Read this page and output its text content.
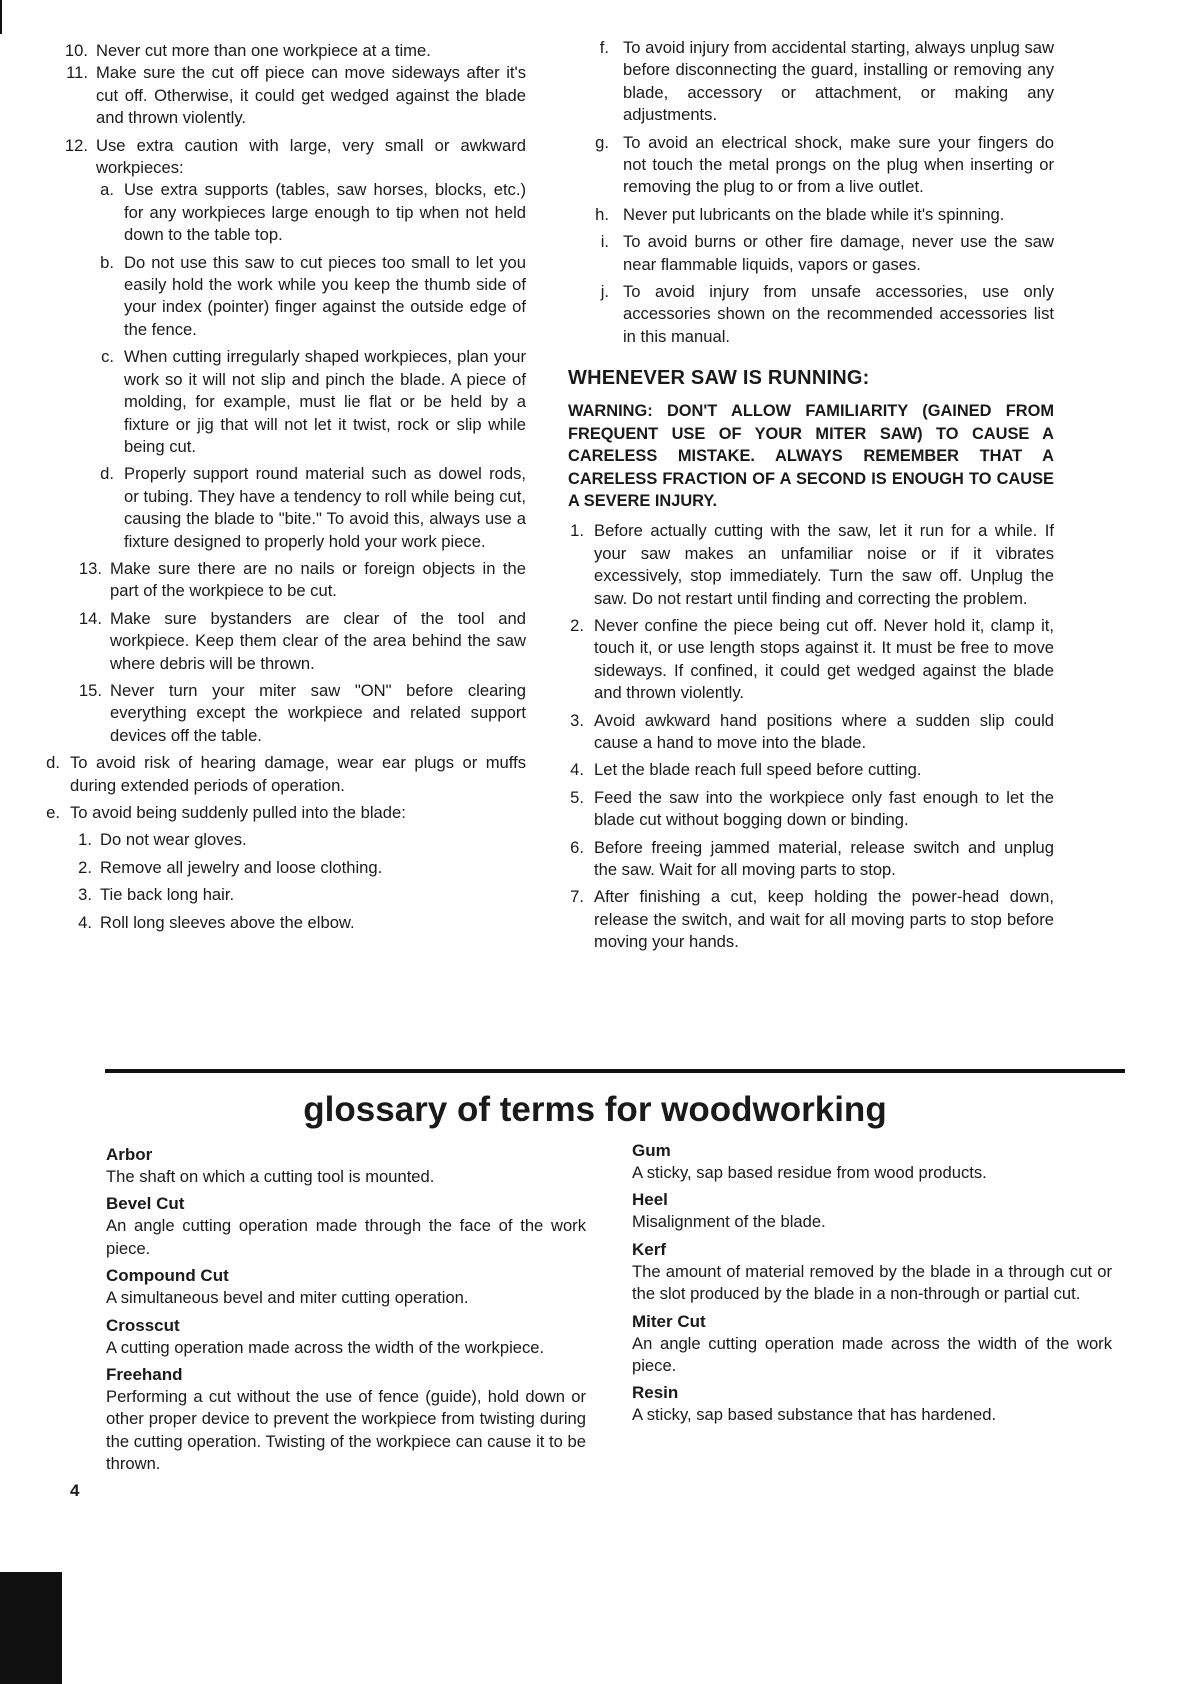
10. Never cut more than one workpiece at a time.
11. Make sure the cut off piece can move sideways after it's cut off. Otherwise, it could get wedged against the blade and thrown violently.
12. Use extra caution with large, very small or awkward workpieces:
a. Use extra supports (tables, saw horses, blocks, etc.) for any workpieces large enough to tip when not held down to the table top.
b. Do not use this saw to cut pieces too small to let you easily hold the work while you keep the thumb side of your index (pointer) finger against the outside edge of the fence.
c. When cutting irregularly shaped workpieces, plan your work so it will not slip and pinch the blade. A piece of molding, for example, must lie flat or be held by a fixture or jig that will not let it twist, rock or slip while being cut.
d. Properly support round material such as dowel rods, or tubing. They have a tendency to roll while being cut, causing the blade to "bite." To avoid this, always use a fixture designed to properly hold your work piece.
13. Make sure there are no nails or foreign objects in the part of the workpiece to be cut.
14. Make sure bystanders are clear of the tool and workpiece. Keep them clear of the area behind the saw where debris will be thrown.
15. Never turn your miter saw "ON" before clearing everything except the workpiece and related support devices off the table.
d. To avoid risk of hearing damage, wear ear plugs or muffs during extended periods of operation.
e. To avoid being suddenly pulled into the blade:
1. Do not wear gloves.
2. Remove all jewelry and loose clothing.
3. Tie back long hair.
4. Roll long sleeves above the elbow.
f. To avoid injury from accidental starting, always unplug saw before disconnecting the guard, installing or removing any blade, accessory or attachment, or making any adjustments.
g. To avoid an electrical shock, make sure your fingers do not touch the metal prongs on the plug when inserting or removing the plug to or from a live outlet.
h. Never put lubricants on the blade while it's spinning.
i. To avoid burns or other fire damage, never use the saw near flammable liquids, vapors or gases.
j. To avoid injury from unsafe accessories, use only accessories shown on the recommended accessories list in this manual.
WHENEVER SAW IS RUNNING:
WARNING: DON'T ALLOW FAMILIARITY (GAINED FROM FREQUENT USE OF YOUR MITER SAW) TO CAUSE A CARELESS MISTAKE. ALWAYS REMEMBER THAT A CARELESS FRACTION OF A SECOND IS ENOUGH TO CAUSE A SEVERE INJURY.
1. Before actually cutting with the saw, let it run for a while. If your saw makes an unfamiliar noise or if it vibrates excessively, stop immediately. Turn the saw off. Unplug the saw. Do not restart until finding and correcting the problem.
2. Never confine the piece being cut off. Never hold it, clamp it, touch it, or use length stops against it. It must be free to move sideways. If confined, it could get wedged against the blade and thrown violently.
3. Avoid awkward hand positions where a sudden slip could cause a hand to move into the blade.
4. Let the blade reach full speed before cutting.
5. Feed the saw into the workpiece only fast enough to let the blade cut without bogging down or binding.
6. Before freeing jammed material, release switch and unplug the saw. Wait for all moving parts to stop.
7. After finishing a cut, keep holding the power-head down, release the switch, and wait for all moving parts to stop before moving your hands.
glossary of terms for woodworking
Arbor
The shaft on which a cutting tool is mounted.
Bevel Cut
An angle cutting operation made through the face of the work piece.
Compound Cut
A simultaneous bevel and miter cutting operation.
Crosscut
A cutting operation made across the width of the workpiece.
Freehand
Performing a cut without the use of fence (guide), hold down or other proper device to prevent the workpiece from twisting during the cutting operation. Twisting of the workpiece can cause it to be thrown.
Gum
A sticky, sap based residue from wood products.
Heel
Misalignment of the blade.
Kerf
The amount of material removed by the blade in a through cut or the slot produced by the blade in a non-through or partial cut.
Miter Cut
An angle cutting operation made across the width of the work piece.
Resin
A sticky, sap based substance that has hardened.
4
